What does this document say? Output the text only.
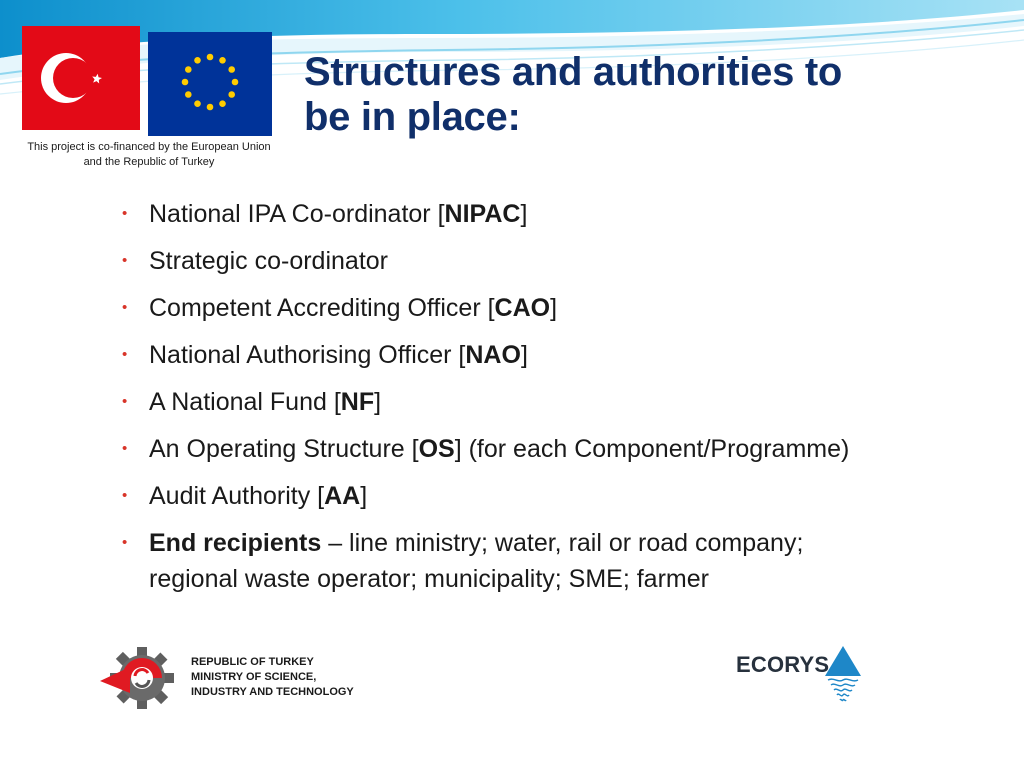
This project is co-financed by the European Union and the Republic of Turkey

Structures and authorities to
be in place:
• National IPA Co-ordinator [NIPAC]
• Strategic co-ordinator
• Competent Accrediting Officer [CAO]
• National Authorising Officer [NAO]
• A National Fund [NF]
• An Operating Structure [OS] (for each Component/Programme)
• Audit Authority [AA]
• End recipients – line ministry; water, rail or road company;
regional waste operator; municipality; SME; farmer

REPUBLIC OF TURKEY
MINISTRY OF SCIENCE,
INDUSTRY AND TECHNOLOGY

ECORYS
